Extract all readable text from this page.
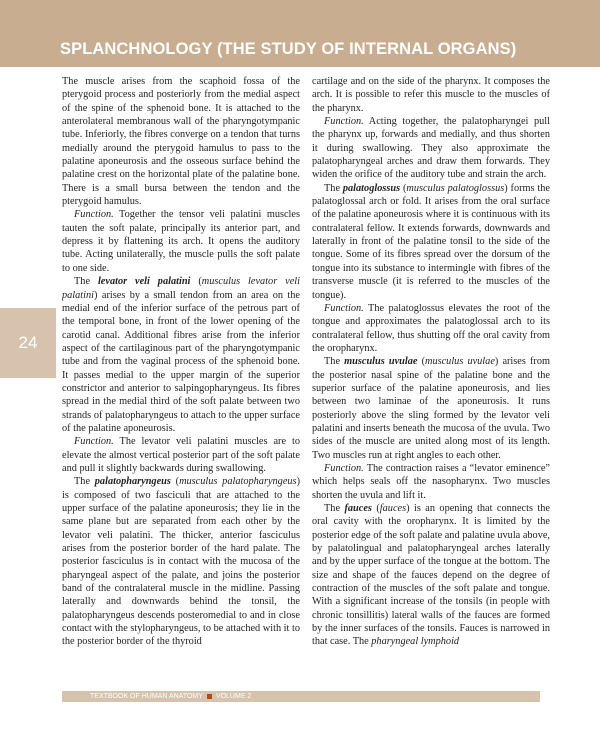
SPLANCHNOLOGY (THE STUDY OF INTERNAL ORGANS)
24

The muscle arises from the scaphoid fossa of the pterygoid process and posteriorly from the medial aspect of the spine of the sphenoid bone. It is attached to the anterolateral membranous wall of the pharyngotympanic tube. Inferiorly, the fibres converge on a tendon that turns medially around the pterygoid hamulus to pass to the palatine aponeurosis and the osseous surface behind the palatine crest on the horizontal plate of the palatine bone. There is a small bursa between the tendon and the pterygoid hamulus.

Function. Together the tensor veli palatini muscles tauten the soft palate, principally its anterior part, and depress it by flattening its arch. It opens the auditory tube. Acting unilaterally, the muscle pulls the soft palate to one side.

The levator veli palatini (musculus levator veli palatini) arises by a small tendon from an area on the medial end of the inferior surface of the petrous part of the temporal bone, in front of the lower opening of the carotid canal. Additional fibres arise from the inferior aspect of the cartilaginous part of the pharyngotympanic tube and from the vaginal process of the sphenoid bone. It passes medial to the upper margin of the superior constrictor and anterior to salpingopharyngeus. Its fibres spread in the medial third of the soft palate between two strands of palatopharyngeus to attach to the upper surface of the palatine aponeurosis.

Function. The levator veli palatini muscles are to elevate the almost vertical posterior part of the soft palate and pull it slightly backwards during swallowing.

The palatopharyngeus (musculus palatopharyngeus) is composed of two fasciculi that are attached to the upper surface of the palatine aponeurosis; they lie in the same plane but are separated from each other by the levator veli palatini. The thicker, anterior fasciculus arises from the posterior border of the hard palate. The posterior fasciculus is in contact with the mucosa of the pharyngeal aspect of the palate, and joins the posterior band of the contralateral muscle in the midline. Passing laterally and downwards behind the tonsil, the palatopharyngeus descends posteromedial to and in close contact with the stylopharyngeus, to be attached with it to the posterior border of the thyroid

cartilage and on the side of the pharynx. It composes the arch. It is possible to refer this muscle to the muscles of the pharynx.

Function. Acting together, the palatopharyngei pull the pharynx up, forwards and medially, and thus shorten it during swallowing. They also approximate the palatopharyngeal arches and draw them forwards. They widen the orifice of the auditory tube and strain the arch.

The palatoglossus (musculus palatoglossus) forms the palatoglossal arch or fold. It arises from the oral surface of the palatine aponeurosis where it is continuous with its contralateral fellow. It extends forwards, downwards and laterally in front of the palatine tonsil to the side of the tongue. Some of its fibres spread over the dorsum of the tongue into its substance to intermingle with fibres of the transverse muscle (it is referred to the muscles of the tongue).

Function. The palatoglossus elevates the root of the tongue and approximates the palatoglossal arch to its contralateral fellow, thus shutting off the oral cavity from the oropharynx.

The musculus uvulae (musculus uvulae) arises from the posterior nasal spine of the palatine bone and the superior surface of the palatine aponeurosis, and lies between two laminae of the aponeurosis. It runs posteriorly above the sling formed by the levator veli palatini and inserts beneath the mucosa of the uvula. Two sides of the muscle are united along most of its length. Two muscles run at right angles to each other.

Function. The contraction raises a “levator eminence” which helps seals off the nasopharynx. Two muscles shorten the uvula and lift it.

The fauces (fauces) is an opening that connects the oral cavity with the oropharynx. It is limited by the posterior edge of the soft palate and palatine uvula above, by palatolingual and palatopharyngeal arches laterally and by the upper surface of the tongue at the bottom. The size and shape of the fauces depend on the degree of contraction of the muscles of the soft palate and tongue. With a significant increase of the tonsils (in people with chronic tonsillitis) lateral walls of the fauces are formed by the inner surfaces of the tonsils. Fauces is narrowed in that case. The pharyngeal lymphoid

TEXTBOOK OF HUMAN ANATOMY VOLUME 2
